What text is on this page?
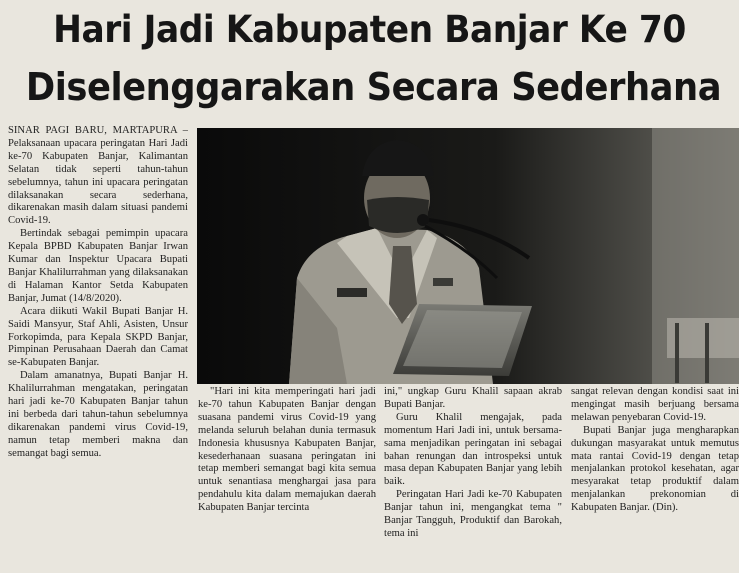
Hari Jadi Kabupaten Banjar Ke 70
Diselenggarakan Secara Sederhana

SINAR PAGI BARU, MARTAPURA – Pelaksanaan upacara peringatan Hari Jadi ke-70 Kabupaten Banjar, Kalimantan Selatan tidak seperti tahun-tahun sebelumnya, tahun ini upacara peringatan dilaksanakan secara sederhana, dikarenakan masih dalam situasi pandemi Covid-19.

Bertindak sebagai pemimpin upacara Kepala BPBD Kabupaten Banjar Irwan Kumar dan Inspektur Upacara Bupati Banjar Khalilurrahman yang dilaksanakan di Halaman Kantor Setda Kabupaten Banjar, Jumat (14/8/2020).

Acara diikuti Wakil Bupati Banjar H. Saidi Mansyur, Staf Ahli, Asisten, Unsur Forkopimda, para Kepala SKPD Banjar, Pimpinan Perusahaan Daerah dan Camat se-Kabupaten Banjar.

Dalam amanatnya, Bupati Banjar H. Khalilurrahman mengatakan, peringatan hari jadi ke-70 Kabupaten Banjar tahun ini berbeda dari tahun-tahun sebelumnya dikarenakan pandemi virus Covid-19, namun tetap memberi makna dan semangat bagi semua.

"Hari ini kita memperingati hari jadi ke-70 tahun Kabupaten Banjar dengan suasana pandemi virus Covid-19 yang melanda seluruh belahan dunia termasuk Indonesia khususnya Kabupaten Banjar, kesederhanaan suasana peringatan ini tetap memberi semangat bagi kita semua untuk senantiasa menghargai jasa para pendahulu kita dalam memajukan daerah Kabupaten Banjar tercinta

ini," ungkap Guru Khalil sapaan akrab Bupati Banjar.

Guru Khalil mengajak, pada momentum Hari Jadi ini, untuk bersama-sama menjadikan peringatan ini sebagai bahan renungan dan introspeksi untuk masa depan Kabupaten Banjar yang lebih baik.

Peringatan Hari Jadi ke-70 Kabupaten Banjar tahun ini, mengangkat tema " Banjar Tangguh, Produktif dan Barokah, tema ini

sangat relevan dengan kondisi saat ini mengingat masih berjuang bersama melawan penyebaran Covid-19.

Bupati Banjar juga mengharapkan dukungan masyarakat untuk memutus mata rantai Covid-19 dengan tetap menjalankan protokol kesehatan, agar mesyarakat tetap produktif dalam menjalankan prekonomian di Kabupaten Banjar. (Din).
